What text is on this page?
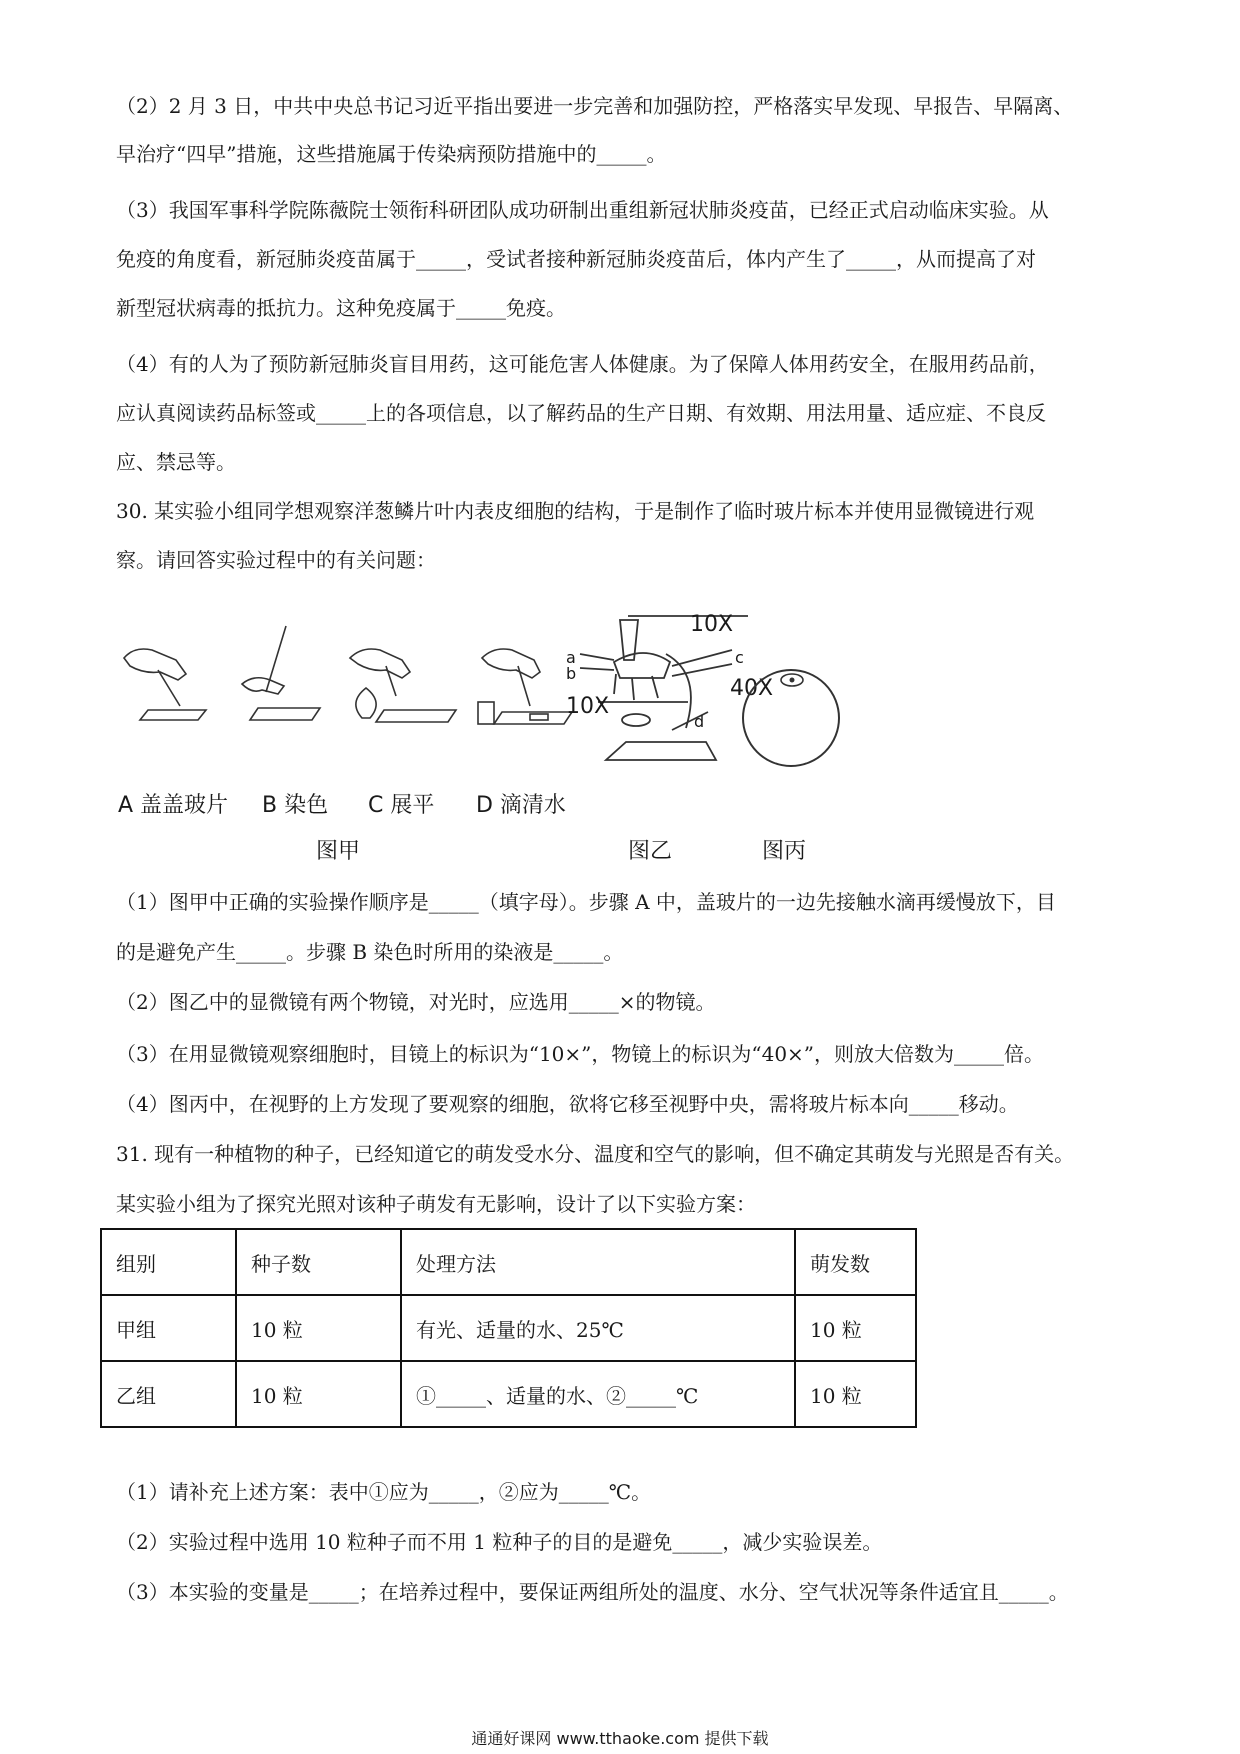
（2）2 月 3 日，中共中央总书记习近平指出要进一步完善和加强防控，严格落实早发现、早报告、早隔离、
早治疗“四早”措施，这些措施属于传染病预防措施中的_____。
（3）我国军事科学院陈薇院士领衔科研团队成功研制出重组新冠状肺炎疫苗，已经正式启动临床实验。从
免疫的角度看，新冠肺炎疫苗属于_____，受试者接种新冠肺炎疫苗后，体内产生了_____，从而提高了对
新型冠状病毒的抵抗力。这种免疫属于_____免疫。
（4）有的人为了预防新冠肺炎盲目用药，这可能危害人体健康。为了保障人体用药安全，在服用药品前，
应认真阅读药品标签或_____上的各项信息，以了解药品的生产日期、有效期、用法用量、适应症、不良反
应、禁忌等。
30. 某实验小组同学想观察洋葱鳞片叶内表皮细胞的结构，于是制作了临时玻片标本并使用显微镜进行观
察。请回答实验过程中的有关问题：
10X
a
b
c
40X
10X
d
A 盖盖玻片 B 染色 C 展平 D 滴清水
图甲	图乙	图丙
（1）图甲中正确的实验操作顺序是_____（填字母）。步骤 A 中，盖玻片的一边先接触水滴再缓慢放下，目
的是避免产生_____。步骤 B 染色时所用的染液是_____。
（2）图乙中的显微镜有两个物镜，对光时，应选用_____×的物镜。
（3）在用显微镜观察细胞时，目镜上的标识为“10×”，物镜上的标识为“40×”，则放大倍数为_____倍。
（4）图丙中，在视野的上方发现了要观察的细胞，欲将它移至视野中央，需将玻片标本向_____移动。
31. 现有一种植物的种子，已经知道它的萌发受水分、温度和空气的影响，但不确定其萌发与光照是否有关。
某实验小组为了探究光照对该种子萌发有无影响，设计了以下实验方案：
组别	种子数	处理方法	萌发数
甲组	10 粒	有光、适量的水、25℃	10 粒
乙组	10 粒	①_____、适量的水、②_____℃	10 粒
（1）请补充上述方案：表中①应为_____，②应为_____℃。
（2）实验过程中选用 10 粒种子而不用 1 粒种子的目的是避免_____，减少实验误差。
（3）本实验的变量是_____；在培养过程中，要保证两组所处的温度、水分、空气状况等条件适宜且_____。
通通好课网 www.tthaoke.com 提供下载
